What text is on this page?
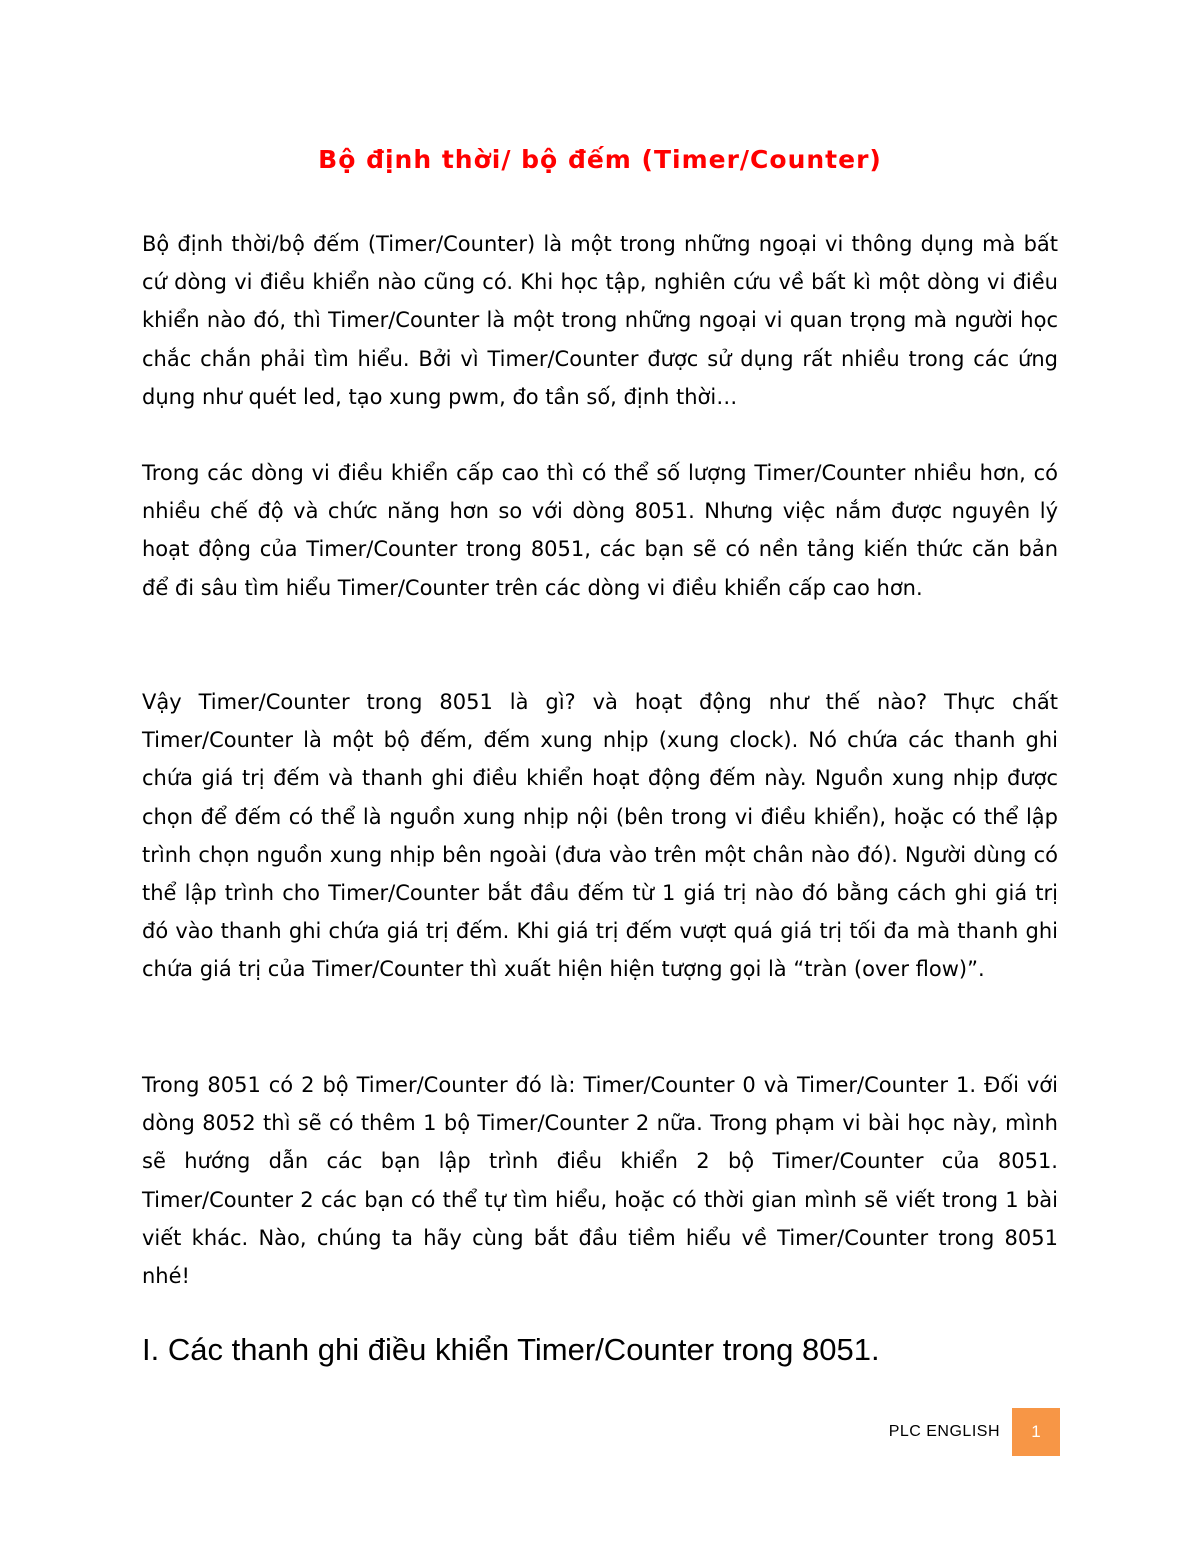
Bộ định thời/ bộ đếm (Timer/Counter)

Bộ định thời/bộ đếm (Timer/Counter) là một trong những ngoại vi thông dụng mà bất cứ dòng vi điều khiển nào cũng có. Khi học tập, nghiên cứu về bất kì một dòng vi điều khiển nào đó, thì Timer/Counter là một trong những ngoại vi quan trọng mà người học chắc chắn phải tìm hiểu. Bởi vì Timer/Counter được sử dụng rất nhiều trong các ứng dụng như quét led, tạo xung pwm, đo tần số, định thời…

Trong các dòng vi điều khiển cấp cao thì có thể số lượng Timer/Counter nhiều hơn, có nhiều chế độ và chức năng hơn so với dòng 8051. Nhưng việc nắm được nguyên lý hoạt động của Timer/Counter trong 8051, các bạn sẽ có nền tảng kiến thức căn bản để đi sâu tìm hiểu Timer/Counter trên các dòng vi điều khiển cấp cao hơn.

Vậy Timer/Counter trong 8051 là gì? và hoạt động như thế nào? Thực chất Timer/Counter là một bộ đếm, đếm xung nhịp (xung clock). Nó chứa các thanh ghi chứa giá trị đếm và thanh ghi điều khiển hoạt động đếm này. Nguồn xung nhịp được chọn để đếm có thể là nguồn xung nhịp nội (bên trong vi điều khiển), hoặc có thể lập trình chọn nguồn xung nhịp bên ngoài (đưa vào trên một chân nào đó). Người dùng có thể lập trình cho Timer/Counter bắt đầu đếm từ 1 giá trị nào đó bằng cách ghi giá trị đó vào thanh ghi chứa giá trị đếm. Khi giá trị đếm vượt quá giá trị tối đa mà thanh ghi chứa giá trị của Timer/Counter thì xuất hiện hiện tượng gọi là “tràn (over flow)”.

Trong 8051 có 2 bộ Timer/Counter đó là: Timer/Counter 0 và Timer/Counter 1. Đối với dòng 8052 thì sẽ có thêm 1 bộ Timer/Counter 2 nữa. Trong phạm vi bài học này, mình sẽ hướng dẫn các bạn lập trình điều khiển 2 bộ Timer/Counter của 8051. Timer/Counter 2 các bạn có thể tự tìm hiểu, hoặc có thời gian mình sẽ viết trong 1 bài viết khác. Nào, chúng ta hãy cùng bắt đầu tiềm hiểu về Timer/Counter trong 8051 nhé!

I. Các thanh ghi điều khiển Timer/Counter trong 8051.
PLC ENGLISH	1
